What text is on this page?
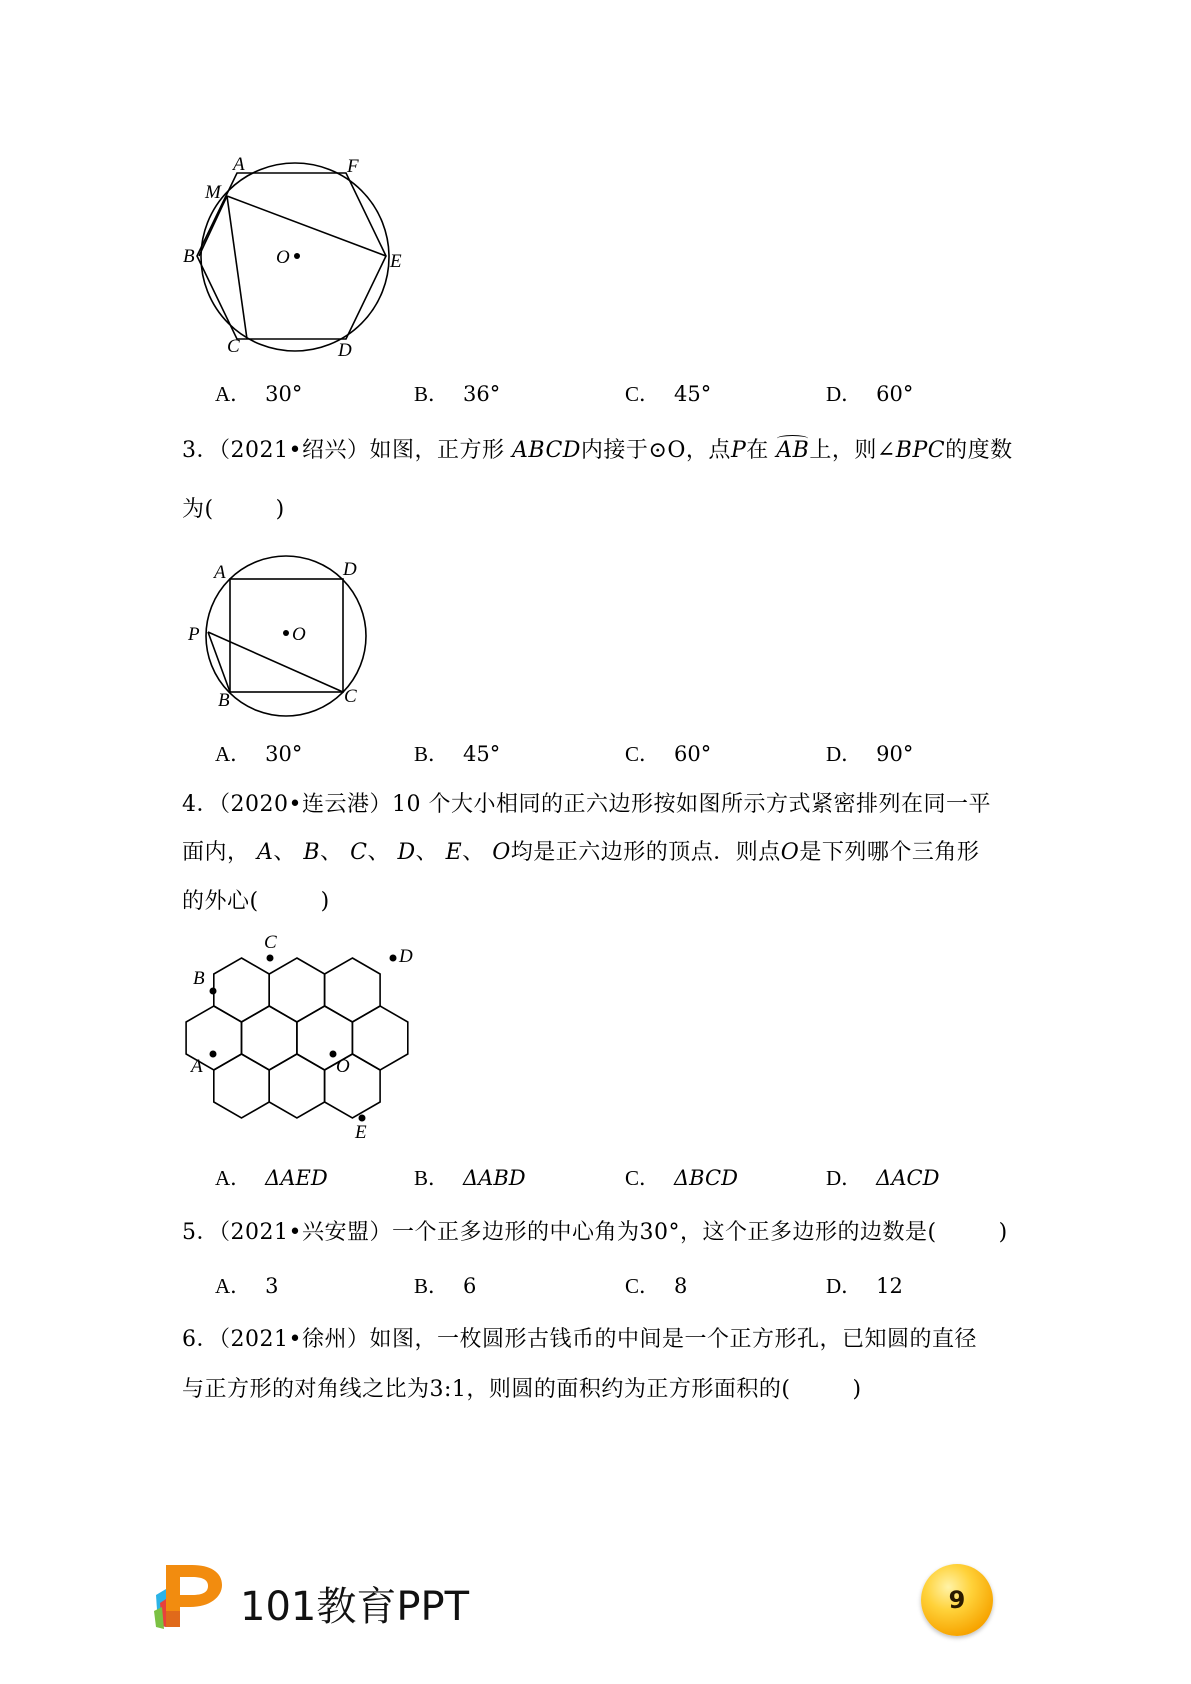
A	F
M
B	O	E
C	D
A． 30°	B． 36°	C． 45°	D． 60°
3．（2021•绍兴）如图，正方形 ABCD内接于⊙O，点P在 AB上，则∠BPC的度数
为(	)
A	D
P	O
B	C
A． 30°	B． 45°	C． 60°	D． 90°
4．（2020•连云港）10 个大小相同的正六边形按如图所示方式紧密排列在同一平
面内， A、 B、 C、 D、 E、 O均是正六边形的顶点．则点O是下列哪个三角形
的外心(	)
B
C
D
A	O
E
A． ΔAED	B． ΔABD	C． ΔBCD	D． ΔACD
5．（2021•兴安盟）一个正多边形的中心角为30°，这个正多边形的边数是(	)
A． 3	B． 6	C． 8	D． 12
6．（2021•徐州）如图，一枚圆形古钱币的中间是一个正方形孔，已知圆的直径
与正方形的对角线之比为3:1，则圆的面积约为正方形面积的(	)
101教育PPT	9
